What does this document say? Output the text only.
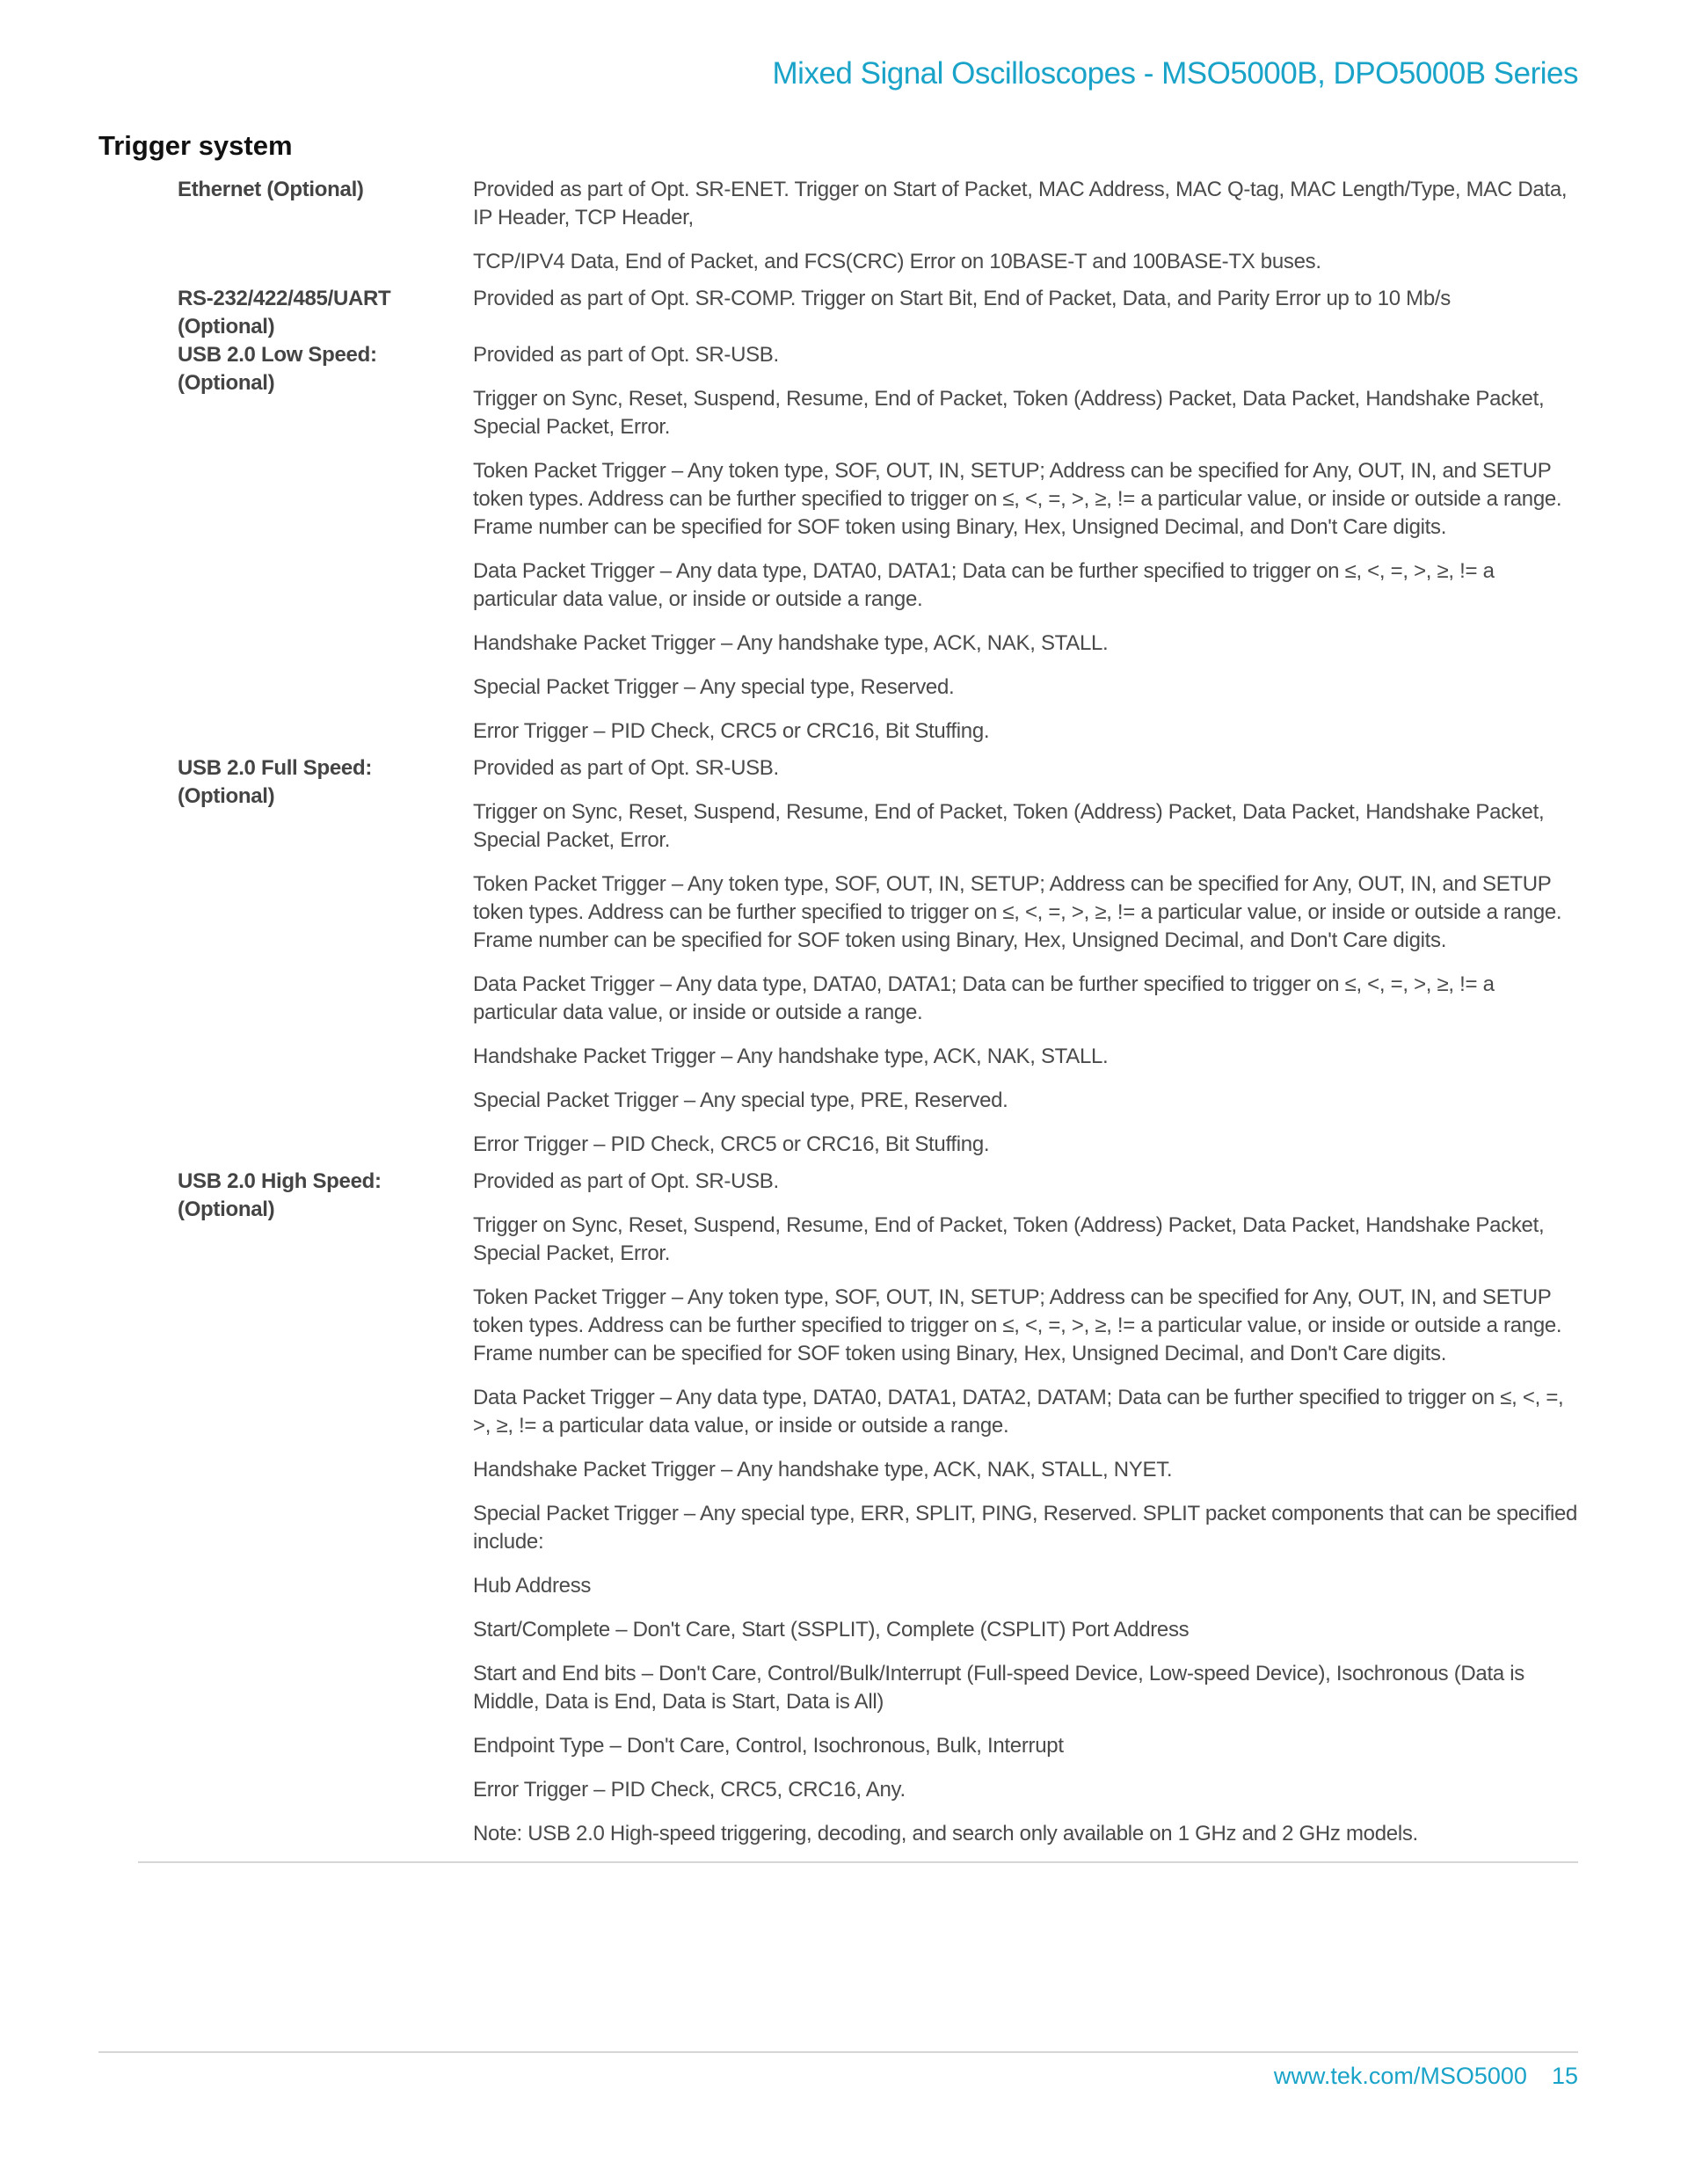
Mixed Signal Oscilloscopes - MSO5000B, DPO5000B Series
Trigger system
Ethernet (Optional)	Provided as part of Opt. SR-ENET. Trigger on Start of Packet, MAC Address, MAC Q-tag, MAC Length/Type, MAC Data, IP Header, TCP Header,

TCP/IPV4 Data, End of Packet, and FCS(CRC) Error on 10BASE-T and 100BASE-TX buses.

RS-232/422/485/UART (Optional)

Provided as part of Opt. SR-COMP. Trigger on Start Bit, End of Packet, Data, and Parity Error up to 10 Mb/s

USB 2.0 Low Speed: (Optional)

Provided as part of Opt. SR-USB.

Trigger on Sync, Reset, Suspend, Resume, End of Packet, Token (Address) Packet, Data Packet, Handshake Packet, Special Packet, Error.

Token Packet Trigger – Any token type, SOF, OUT, IN, SETUP; Address can be specified for Any, OUT, IN, and SETUP token types. Address can be further specified to trigger on ≤, <, =, >, ≥, != a particular value, or inside or outside a range. Frame number can be specified for SOF token using Binary, Hex, Unsigned Decimal, and Don't Care digits.

Data Packet Trigger – Any data type, DATA0, DATA1; Data can be further specified to trigger on ≤, <, =, >, ≥, != a particular data value, or inside or outside a range.

Handshake Packet Trigger – Any handshake type, ACK, NAK, STALL.

Special Packet Trigger – Any special type, Reserved.

Error Trigger – PID Check, CRC5 or CRC16, Bit Stuffing.

USB 2.0 Full Speed: (Optional)

Provided as part of Opt. SR-USB.

Trigger on Sync, Reset, Suspend, Resume, End of Packet, Token (Address) Packet, Data Packet, Handshake Packet, Special Packet, Error.

Token Packet Trigger – Any token type, SOF, OUT, IN, SETUP; Address can be specified for Any, OUT, IN, and SETUP token types. Address can be further specified to trigger on ≤, <, =, >, ≥, != a particular value, or inside or outside a range. Frame number can be specified for SOF token using Binary, Hex, Unsigned Decimal, and Don't Care digits.

Data Packet Trigger – Any data type, DATA0, DATA1; Data can be further specified to trigger on ≤, <, =, >, ≥, != a particular data value, or inside or outside a range.

Handshake Packet Trigger – Any handshake type, ACK, NAK, STALL.

Special Packet Trigger – Any special type, PRE, Reserved.

Error Trigger – PID Check, CRC5 or CRC16, Bit Stuffing.

USB 2.0 High Speed: (Optional)

Provided as part of Opt. SR-USB.

Trigger on Sync, Reset, Suspend, Resume, End of Packet, Token (Address) Packet, Data Packet, Handshake Packet, Special Packet, Error.

Token Packet Trigger – Any token type, SOF, OUT, IN, SETUP; Address can be specified for Any, OUT, IN, and SETUP token types. Address can be further specified to trigger on ≤, <, =, >, ≥, != a particular value, or inside or outside a range. Frame number can be specified for SOF token using Binary, Hex, Unsigned Decimal, and Don't Care digits.

Data Packet Trigger – Any data type, DATA0, DATA1, DATA2, DATAM; Data can be further specified to trigger on ≤, <, =, >, ≥, != a particular data value, or inside or outside a range.

Handshake Packet Trigger – Any handshake type, ACK, NAK, STALL, NYET.

Special Packet Trigger – Any special type, ERR, SPLIT, PING, Reserved. SPLIT packet components that can be specified include:

Hub Address

Start/Complete – Don't Care, Start (SSPLIT), Complete (CSPLIT) Port Address

Start and End bits – Don't Care, Control/Bulk/Interrupt (Full-speed Device, Low-speed Device), Isochronous (Data is Middle, Data is End, Data is Start, Data is All)

Endpoint Type – Don't Care, Control, Isochronous, Bulk, Interrupt

Error Trigger – PID Check, CRC5, CRC16, Any.

Note: USB 2.0 High-speed triggering, decoding, and search only available on 1 GHz and 2 GHz models.

www.tek.com/MSO5000 15
